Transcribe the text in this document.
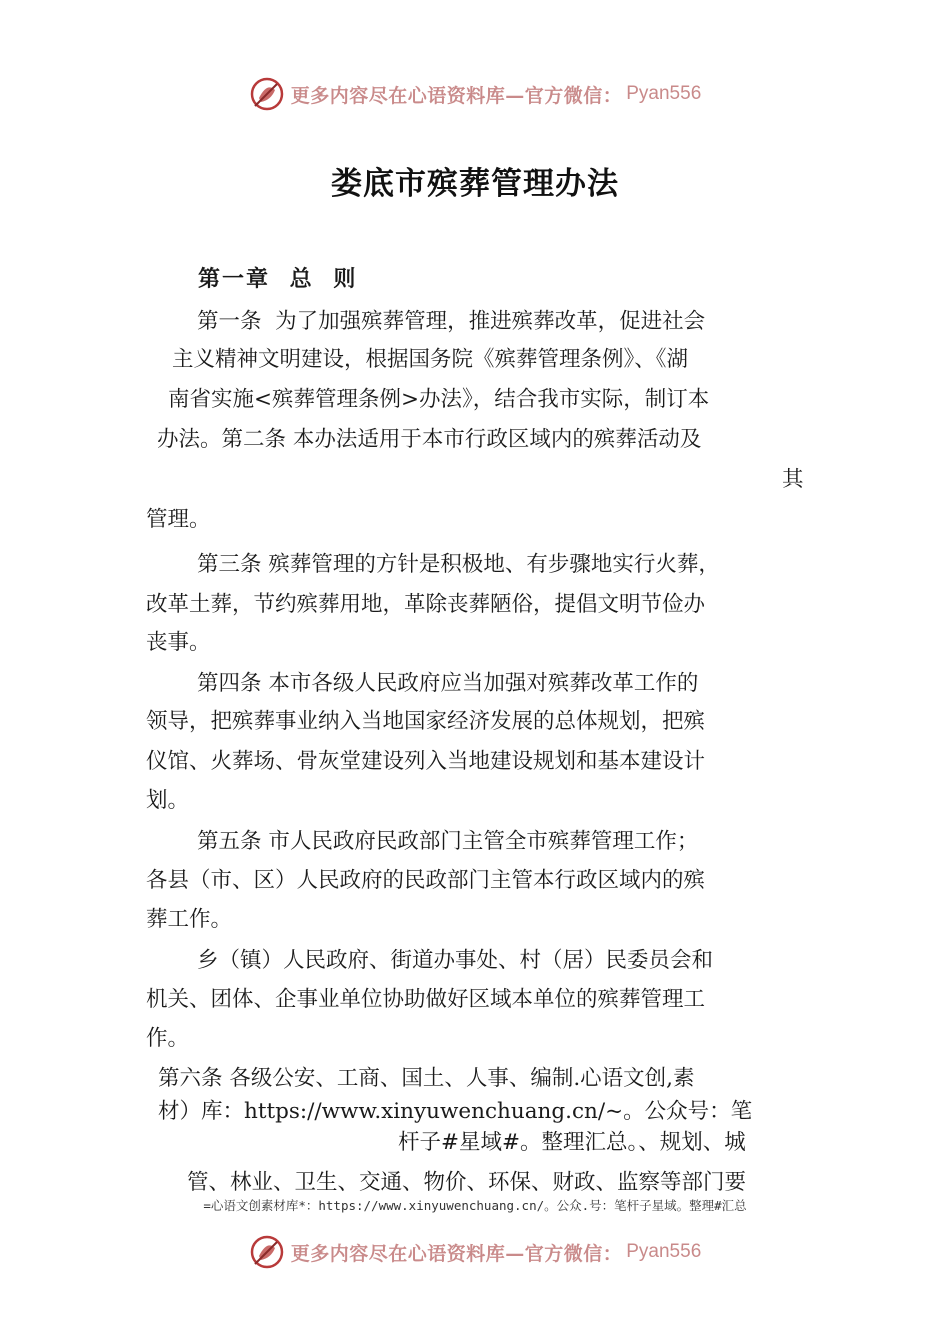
更多内容尽在心语资料库—官方微信： Pyan556
娄底市殡葬管理办法
第一章 总 则

第一条  为了加强殡葬管理，推进殡葬改革，促进社会

主义精神文明建设，根据国务院《殡葬管理条例》、《湖

南省实施<殡葬管理条例>办法》，结合我市实际，制订本

办法。第二条 本办法适用于本市行政区域内的殡葬活动及

其

管理。

第三条 殡葬管理的方针是积极地、有步骤地实行火葬，

改革土葬，节约殡葬用地，革除丧葬陋俗，提倡文明节俭办

丧事。

第四条 本市各级人民政府应当加强对殡葬改革工作的

领导，把殡葬事业纳入当地国家经济发展的总体规划，把殡

仪馆、火葬场、骨灰堂建设列入当地建设规划和基本建设计

划。

第五条 市人民政府民政部门主管全市殡葬管理工作；

各县（市、区）人民政府的民政部门主管本行政区域内的殡

葬工作。

乡（镇）人民政府、街道办事处、村（居）民委员会和

机关、团体、企事业单位协助做好区域本单位的殡葬管理工

作。

第六条 各级公安、工商、国土、人事、编制.心语文创,素

材）库：https://www.xinyuwenchuang.cn/~。公众号：笔

杆子#星域#。整理汇总。、规划、城

管、林业、卫生、交通、物价、环保、财政、监察等部门要

=心语文创素材库*：https://www.xinyuwenchuang.cn/。公众.号：笔杆子星域。整理#汇总
更多内容尽在心语资料库—官方微信： Pyan556
